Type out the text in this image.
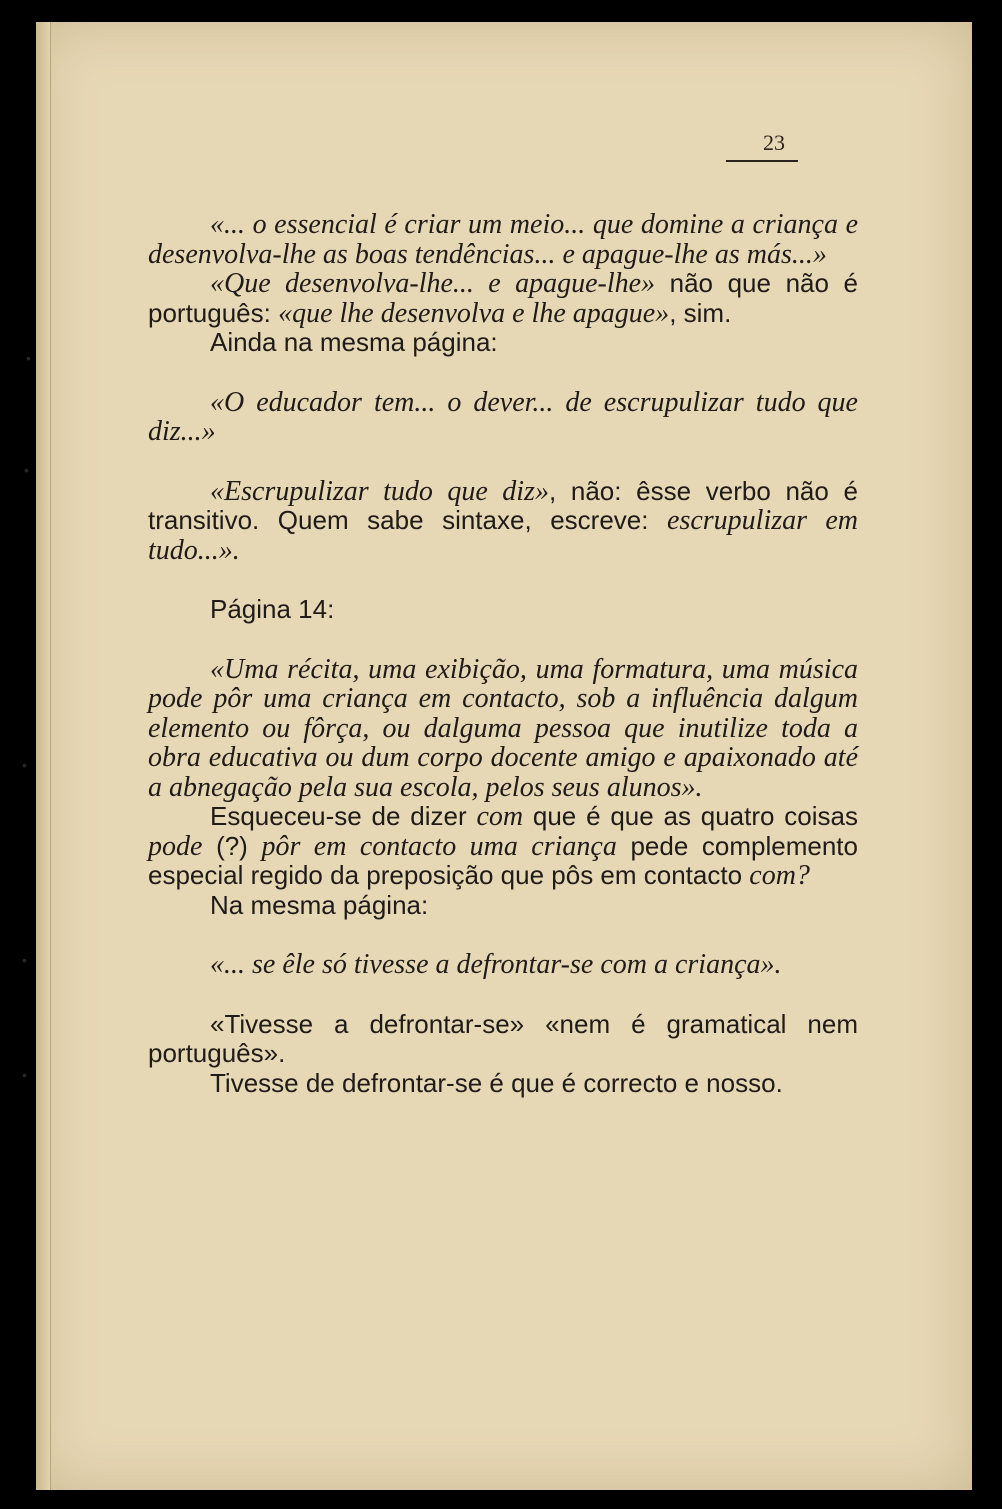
23
•
•
•
•
•

«... o essencial é criar um meio... que domine a criança e desenvolva-lhe as boas tendências... e apague-lhe as más...»

«Que desenvolva-lhe... e apague-lhe» não que não é português: «que lhe desenvolva e lhe apague», sim.

Ainda na mesma página:

«O educador tem... o dever... de escrupulizar tudo que diz...»

«Escrupulizar tudo que diz», não: êsse verbo não é transitivo. Quem sabe sintaxe, escreve: escrupulizar em tudo...».

Página 14:

«Uma récita, uma exibição, uma formatura, uma música pode pôr uma criança em contacto, sob a influência dalgum elemento ou fôrça, ou dalguma pessoa que inutilize toda a obra educativa ou dum corpo docente amigo e apaixonado até a abnegação pela sua escola, pelos seus alunos».

Esqueceu-se de dizer com que é que as quatro coisas pode (?) pôr em contacto uma criança pede complemento especial regido da preposição que pôs em contacto com?

Na mesma página:

«... se êle só tivesse a defrontar-se com a criança».

«Tivesse a defrontar-se» «nem é gramatical nem português».

Tivesse de defrontar-se é que é correcto e nosso.
